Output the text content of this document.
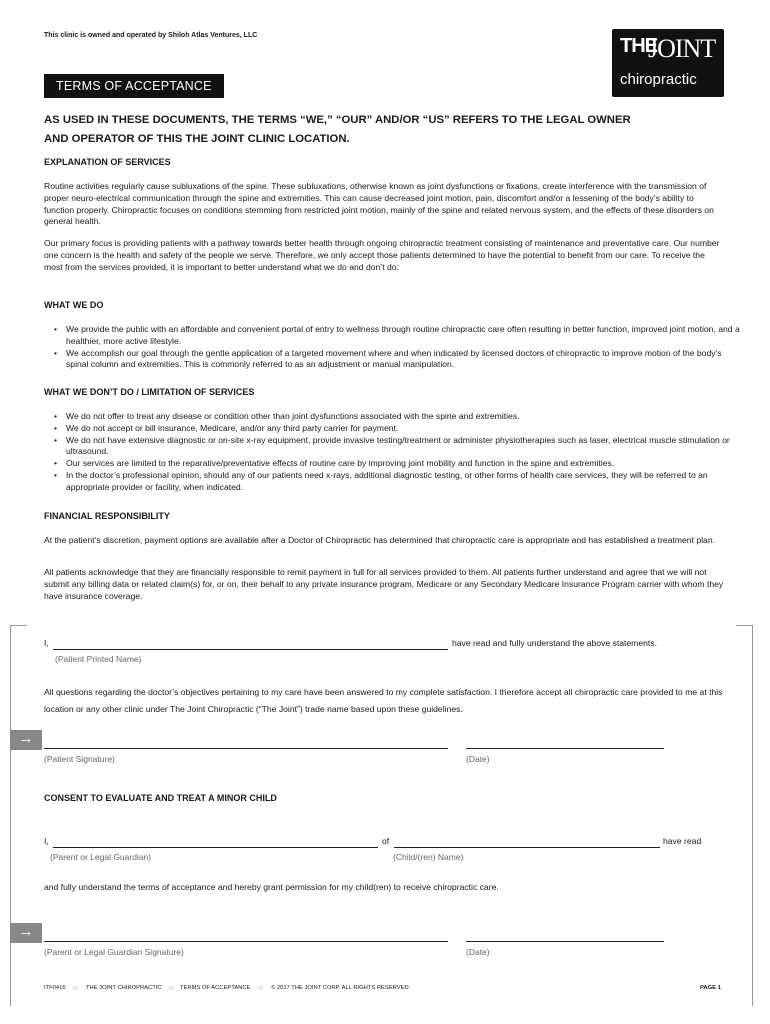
This clinic is owned and operated by Shiloh Atlas Ventures, LLC	THE
JOINT
chiropractic
TERMS OF ACCEPTANCE
AS USED IN THESE DOCUMENTS, THE TERMS “WE,” “OUR” AND/OR “US” REFERS TO THE LEGAL OWNER AND OPERATOR OF THIS THE JOINT CLINIC LOCATION.
EXPLANATION OF SERVICES
Routine activities regularly cause subluxations of the spine. These subluxations, otherwise known as joint dysfunctions or fixations, create interference with the transmission of proper neuro-electrical communication through the spine and extremities. This can cause decreased joint motion, pain, discomfort and/or a lessening of the body’s ability to function properly. Chiropractic focuses on conditions stemming from restricted joint motion, mainly of the spine and related nervous system, and the effects of these disorders on general health.
Our primary focus is providing patients with a pathway towards better health through ongoing chiropractic treatment consisting of maintenance and preventative care. Our number one concern is the health and safety of the people we serve. Therefore, we only accept those patients determined to have the potential to benefit from our care. To receive the most from the services provided, it is important to better understand what we do and don’t do:
WHAT WE DO
• We provide the public with an affordable and convenient portal of entry to wellness through routine chiropractic care often resulting in better function, improved joint motion, and a healthier, more active lifestyle.
• We accomplish our goal through the gentle application of a targeted movement where and when indicated by licensed doctors of chiropractic to improve motion of the body’s spinal column and extremities. This is commonly referred to as an adjustment or manual manipulation.
WHAT WE DON’T DO / LIMITATION OF SERVICES
• We do not offer to treat any disease or condition other than joint dysfunctions associated with the spine and extremities.
• We do not accept or bill insurance, Medicare, and/or any third party carrier for payment.
• We do not have extensive diagnostic or on-site x-ray equipment, provide invasive testing/treatment or administer physiotherapies such as laser, electrical muscle stimulation or ultrasound.
• Our services are limited to the reparative/preventative effects of routine care by improving joint mobility and function in the spine and extremities.
• In the doctor’s professional opinion, should any of our patients need x-rays, additional diagnostic testing, or other forms of health care services, they will be referred to an appropriate provider or facility, when indicated.
FINANCIAL RESPONSIBILITY
At the patient’s discretion, payment options are available after a Doctor of Chiropractic has determined that chiropractic care is appropriate and has established a treatment plan.
All patients acknowledge that they are financially responsible to remit payment in full for all services provided to them. All patients further understand and agree that we will not submit any billing data or related claim(s) for, or on, their behalf to any private insurance program, Medicare or any Secondary Medicare Insurance Program carrier with whom they have insurance coverage.
I,	have read and fully understand the above statements.
(Patient Printed Name)
All questions regarding the doctor’s objectives pertaining to my care have been answered to my complete satisfaction. I therefore accept all chiropractic care provided to me at this location or any other clinic under The Joint Chiropractic (“The Joint”) trade name based upon these guidelines.
→
(Patient Signature)	(Date)
CONSENT TO EVALUATE AND TREAT A MINOR CHILD
I,	of	have read
(Parent or Legal Guardian)	(Child/(ren) Name)
and fully understand the terms of acceptance and hereby grant permission for my child(ren) to receive chiropractic care.
→
(Parent or Legal Guardian Signature)	(Date)
ITF0416 :: THE JOINT CHIROPRACTIC :: TERMS OF ACCEPTANCE :: © 2017 THE JOINT CORP. ALL RIGHTS RESERVED.	PAGE 1
